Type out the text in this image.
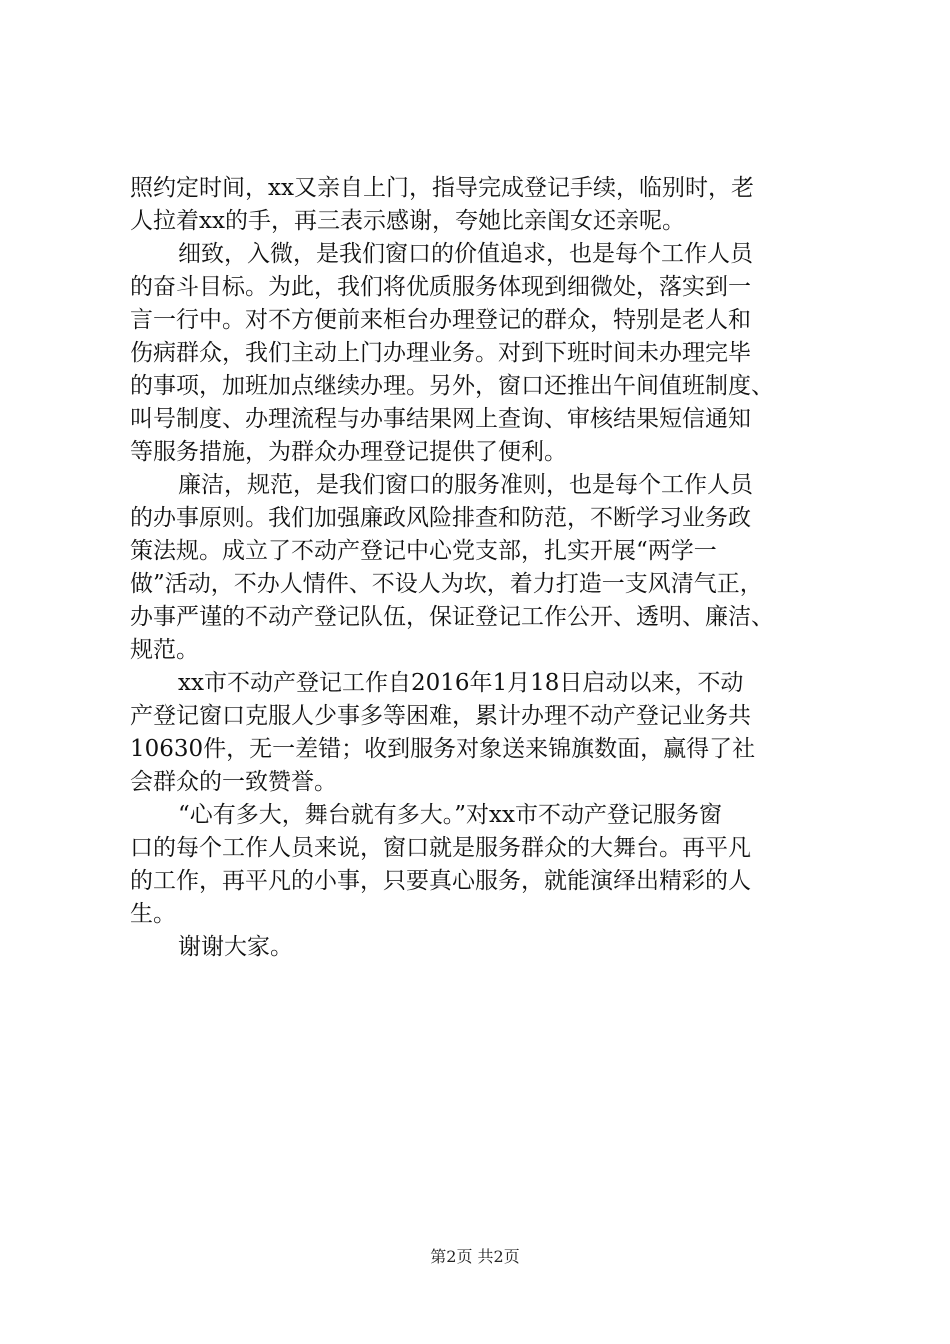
照约定时间，xx又亲自上门，指导完成登记手续，临别时，老
人拉着xx的手，再三表示感谢，夸她比亲闺女还亲呢。
细致，入微，是我们窗口的价值追求，也是每个工作人员
的奋斗目标。为此，我们将优质服务体现到细微处，落实到一
言一行中。对不方便前来柜台办理登记的群众，特别是老人和
伤病群众，我们主动上门办理业务。对到下班时间未办理完毕
的事项，加班加点继续办理。另外，窗口还推出午间值班制度、
叫号制度、办理流程与办事结果网上查询、审核结果短信通知
等服务措施，为群众办理登记提供了便利。
廉洁，规范，是我们窗口的服务准则，也是每个工作人员
的办事原则。我们加强廉政风险排查和防范，不断学习业务政
策法规。成立了不动产登记中心党支部，扎实开展“两学一
做”活动，不办人情件、不设人为坎，着力打造一支风清气正，
办事严谨的不动产登记队伍，保证登记工作公开、透明、廉洁、
规范。
xx市不动产登记工作自2016年1月18日启动以来，不动
产登记窗口克服人少事多等困难，累计办理不动产登记业务共
10630件，无一差错；收到服务对象送来锦旗数面，赢得了社
会群众的一致赞誉。
“心有多大，舞台就有多大。”对xx市不动产登记服务窗
口的每个工作人员来说，窗口就是服务群众的大舞台。再平凡
的工作，再平凡的小事，只要真心服务，就能演绎出精彩的人
生。
谢谢大家。
第2页 共2页
